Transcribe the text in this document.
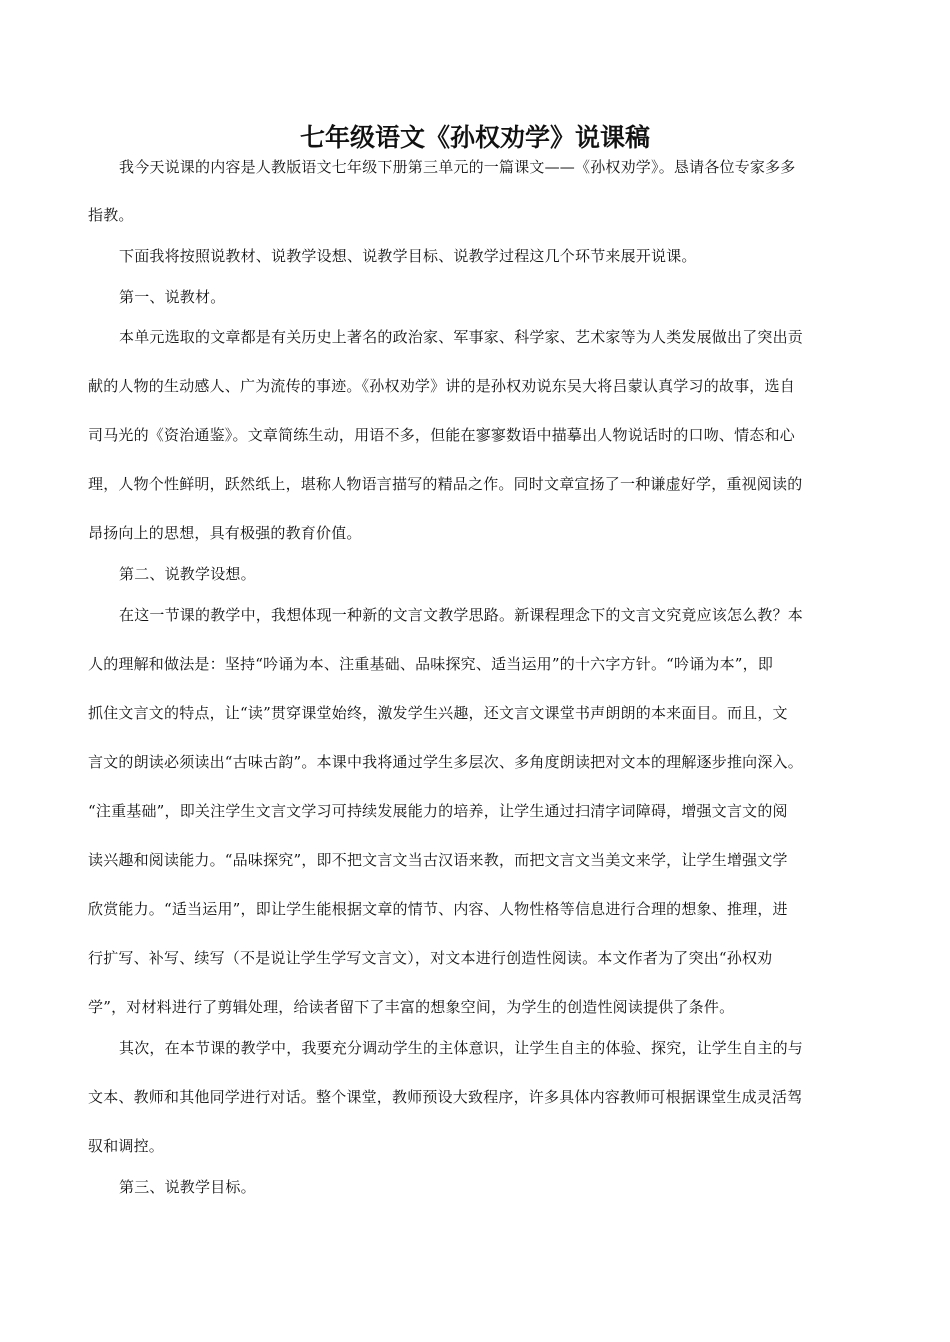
七年级语文《孙权劝学》说课稿
我今天说课的内容是人教版语文七年级下册第三单元的一篇课文——《孙权劝学》。恳请各位专家多多
指教。
下面我将按照说教材、说教学设想、说教学目标、说教学过程这几个环节来展开说课。
第一、说教材。
本单元选取的文章都是有关历史上著名的政治家、军事家、科学家、艺术家等为人类发展做出了突出贡
献的人物的生动感人、广为流传的事迹。《孙权劝学》讲的是孙权劝说东吴大将吕蒙认真学习的故事，选自
司马光的《资治通鉴》。文章简练生动，用语不多，但能在寥寥数语中描摹出人物说话时的口吻、情态和心
理，人物个性鲜明，跃然纸上，堪称人物语言描写的精品之作。同时文章宣扬了一种谦虚好学，重视阅读的
昂扬向上的思想，具有极强的教育价值。
第二、说教学设想。
在这一节课的教学中，我想体现一种新的文言文教学思路。新课程理念下的文言文究竟应该怎么教？本
人的理解和做法是：坚持“吟诵为本、注重基础、品味探究、适当运用”的十六字方针。“吟诵为本”，即
抓住文言文的特点，让“读”贯穿课堂始终，激发学生兴趣，还文言文课堂书声朗朗的本来面目。而且，文
言文的朗读必须读出“古味古韵”。本课中我将通过学生多层次、多角度朗读把对文本的理解逐步推向深入。
“注重基础”，即关注学生文言文学习可持续发展能力的培养，让学生通过扫清字词障碍，增强文言文的阅
读兴趣和阅读能力。“品味探究”，即不把文言文当古汉语来教，而把文言文当美文来学，让学生增强文学
欣赏能力。“适当运用”，即让学生能根据文章的情节、内容、人物性格等信息进行合理的想象、推理，进
行扩写、补写、续写（不是说让学生学写文言文），对文本进行创造性阅读。本文作者为了突出“孙权劝
学”，对材料进行了剪辑处理，给读者留下了丰富的想象空间，为学生的创造性阅读提供了条件。
其次，在本节课的教学中，我要充分调动学生的主体意识，让学生自主的体验、探究，让学生自主的与
文本、教师和其他同学进行对话。整个课堂，教师预设大致程序，许多具体内容教师可根据课堂生成灵活驾
驭和调控。
第三、说教学目标。
